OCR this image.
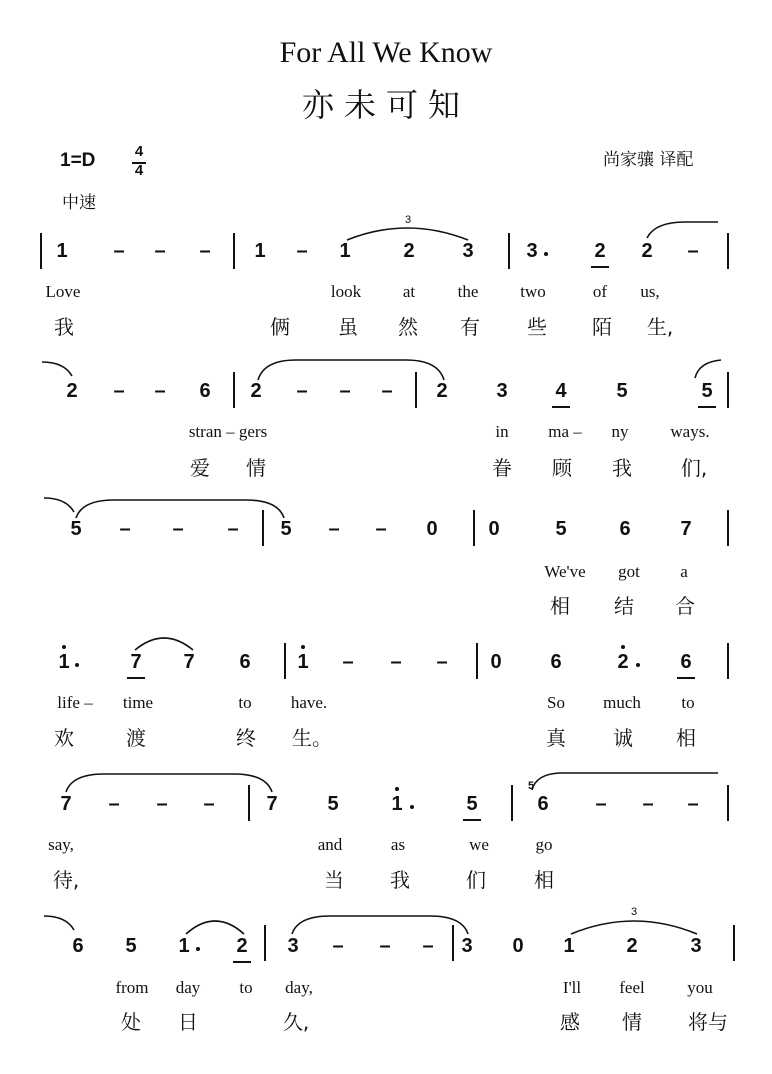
For All We Know
亦未可知
1=D	4
4
中速
尚家骧 译配
1 – – – 1 – 1	2 3	3	2 2 –
3
Love	look at the two	of us,
我	俩 虽 然 有 些 陌 生,
2 – – 6 2 – – – 2 3 4 5	5
stran – gers	in ma – ny ways.
爱 情	眷 顾 我 们,
5 – – – 5 – – 0	0	5	6 7
We've got a
相 结 合
1	7 7 6 1 – – – 0 6	2	6
life – time	to have.	So much to
欢	渡	终 生。	真 诚 相
7 – – –	7 5	1	5
5
6 – – –
say,	and	as	we	go
待,	当 我	们 相
6 5 1 2 3 – – – 3 0 1	2	3
3
from day to day,	I'll feel	you
处 日	久,	感 情 将与
